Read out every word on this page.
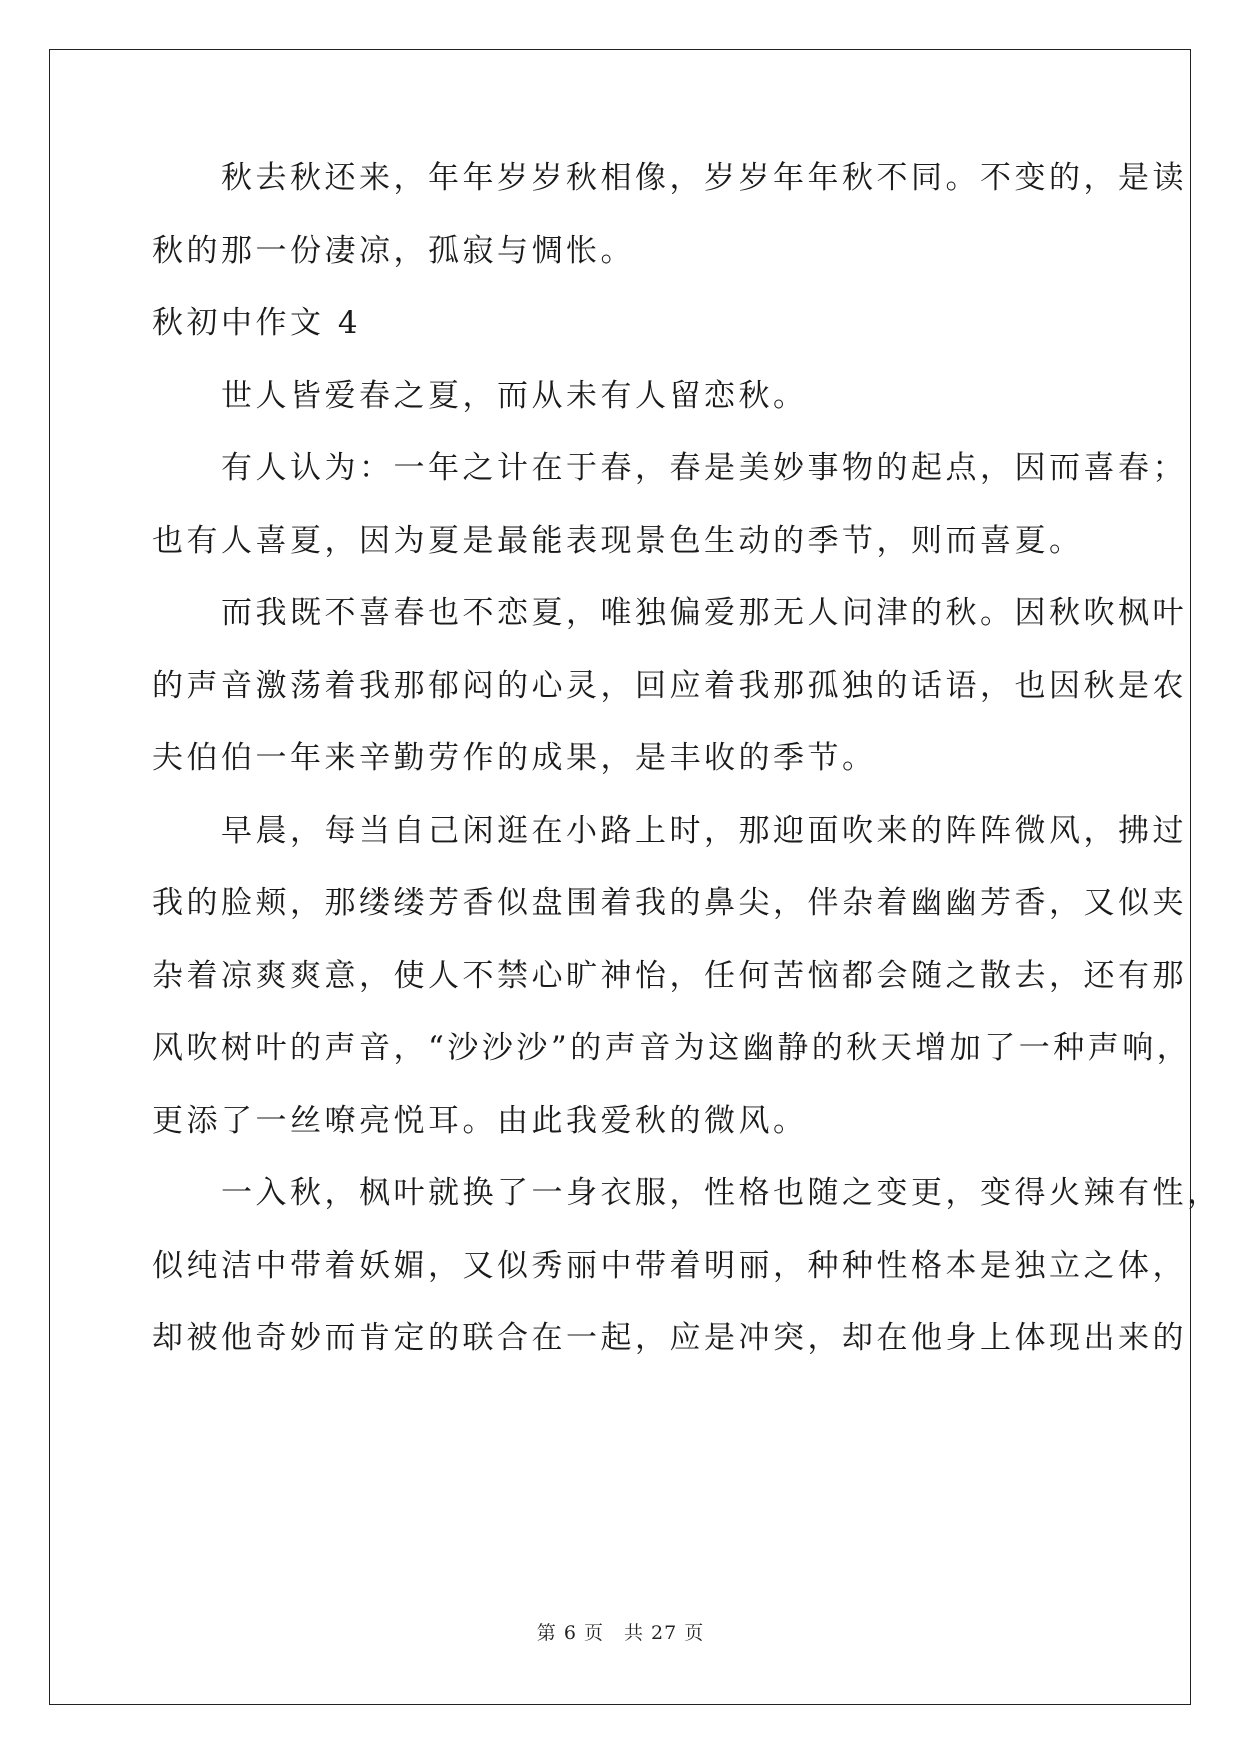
　　秋去秋还来，年年岁岁秋相像，岁岁年年秋不同。不变的，是读
秋的那一份凄凉，孤寂与惆怅。
秋初中作文 4
　　世人皆爱春之夏，而从未有人留恋秋。
　　有人认为：一年之计在于春，春是美妙事物的起点，因而喜春；
也有人喜夏，因为夏是最能表现景色生动的季节，则而喜夏。
　　而我既不喜春也不恋夏，唯独偏爱那无人问津的秋。因秋吹枫叶
的声音激荡着我那郁闷的心灵，回应着我那孤独的话语，也因秋是农
夫伯伯一年来辛勤劳作的成果，是丰收的季节。
　　早晨，每当自己闲逛在小路上时，那迎面吹来的阵阵微风，拂过
我的脸颊，那缕缕芳香似盘围着我的鼻尖，伴杂着幽幽芳香，又似夹
杂着凉爽爽意，使人不禁心旷神怡，任何苦恼都会随之散去，还有那
风吹树叶的声音，“沙沙沙”的声音为这幽静的秋天增加了一种声响，
更添了一丝嘹亮悦耳。由此我爱秋的微风。
　　一入秋，枫叶就换了一身衣服，性格也随之变更，变得火辣有性，
似纯洁中带着妖媚，又似秀丽中带着明丽，种种性格本是独立之体，
却被他奇妙而肯定的联合在一起，应是冲突，却在他身上体现出来的
第 6 页　共 27 页
